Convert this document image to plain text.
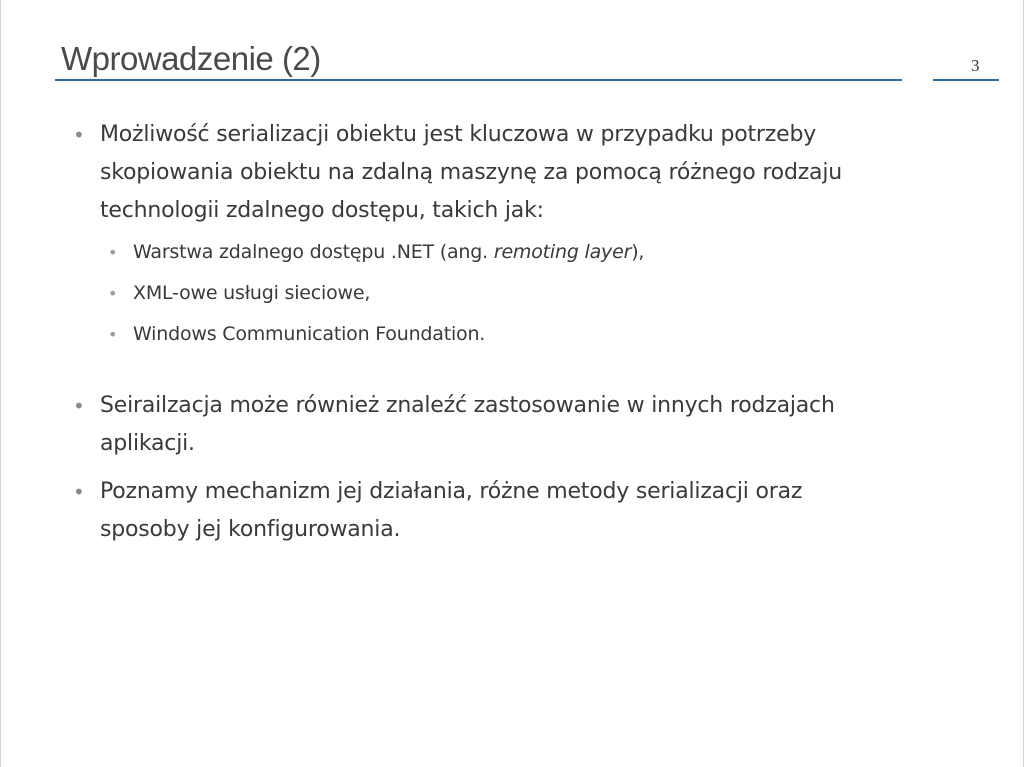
Wprowadzenie (2)	3
• Możliwość serializacji obiektu jest kluczowa w przypadku potrzeby skopiowania obiektu na zdalną maszynę za pomocą różnego rodzaju technologii zdalnego dostępu, takich jak:
• Warstwa zdalnego dostępu .NET (ang. remoting layer),
• XML-owe usługi sieciowe,
• Windows Communication Foundation.
• Seirailzacja może również znaleźć zastosowanie w innych rodzajach aplikacji.
• Poznamy mechanizm jej działania, różne metody serializacji oraz sposoby jej konfigurowania.
